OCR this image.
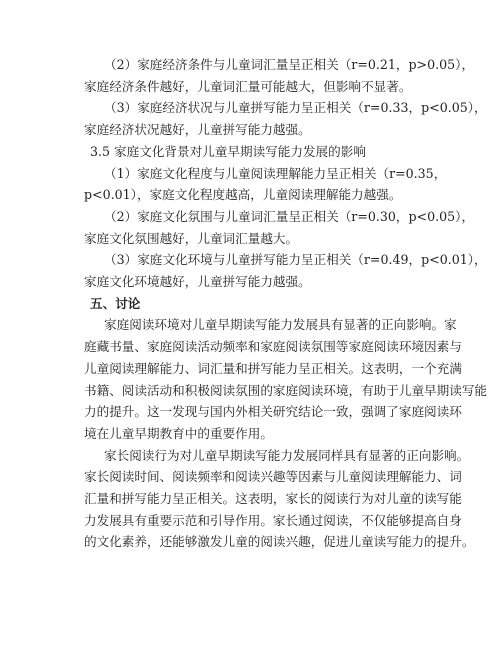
（2）家庭经济条件与儿童词汇量呈正相关（r=0.21，p>0.05），
家庭经济条件越好，儿童词汇量可能越大，但影响不显著。

（3）家庭经济状况与儿童拼写能力呈正相关（r=0.33，p<0.05），
家庭经济状况越好，儿童拼写能力越强。

3.5 家庭文化背景对儿童早期读写能力发展的影响

（1）家庭文化程度与儿童阅读理解能力呈正相关（r=0.35，
p<0.01），家庭文化程度越高，儿童阅读理解能力越强。

（2）家庭文化氛围与儿童词汇量呈正相关（r=0.30，p<0.05），
家庭文化氛围越好，儿童词汇量越大。

（3）家庭文化环境与儿童拼写能力呈正相关（r=0.49，p<0.01），
家庭文化环境越好，儿童拼写能力越强。

五、讨论

家庭阅读环境对儿童早期读写能力发展具有显著的正向影响。家
庭藏书量、家庭阅读活动频率和家庭阅读氛围等家庭阅读环境因素与
儿童阅读理解能力、词汇量和拼写能力呈正相关。这表明，一个充满
书籍、阅读活动和积极阅读氛围的家庭阅读环境，有助于儿童早期读写能
力的提升。这一发现与国内外相关研究结论一致，强调了家庭阅读环
境在儿童早期教育中的重要作用。

家长阅读行为对儿童早期读写能力发展同样具有显著的正向影响。
家长阅读时间、阅读频率和阅读兴趣等因素与儿童阅读理解能力、词
汇量和拼写能力呈正相关。这表明，家长的阅读行为对儿童的读写能
力发展具有重要示范和引导作用。家长通过阅读，不仅能够提高自身
的文化素养，还能够激发儿童的阅读兴趣，促进儿童读写能力的提升。
